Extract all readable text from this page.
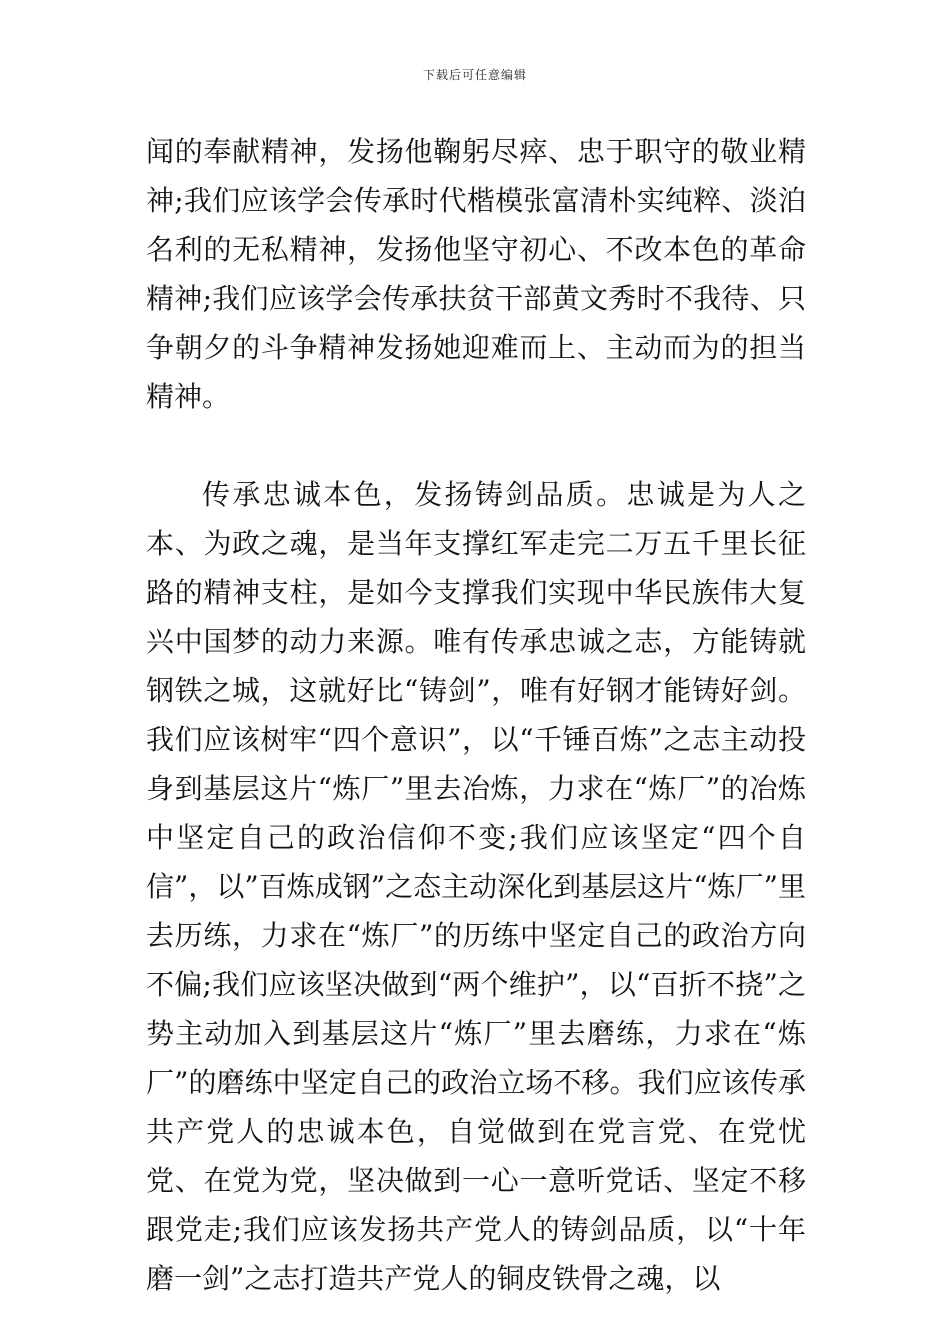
下载后可任意编辑

闻的奉献精神，发扬他鞠躬尽瘁、忠于职守的敬业精神;我们应该学会传承时代楷模张富清朴实纯粹、淡泊名利的无私精神，发扬他坚守初心、不改本色的革命精神;我们应该学会传承扶贫干部黄文秀时不我待、只争朝夕的斗争精神发扬她迎难而上、主动而为的担当精神。

传承忠诚本色，发扬铸剑品质。忠诚是为人之本、为政之魂，是当年支撑红军走完二万五千里长征路的精神支柱，是如今支撑我们实现中华民族伟大复兴中国梦的动力来源。唯有传承忠诚之志，方能铸就钢铁之城，这就好比“铸剑”，唯有好钢才能铸好剑。我们应该树牢“四个意识”，以“千锤百炼”之志主动投身到基层这片“炼厂”里去冶炼，力求在“炼厂”的冶炼中坚定自己的政治信仰不变;我们应该坚定“四个自信”，以”百炼成钢”之态主动深化到基层这片“炼厂”里去历练，力求在“炼厂”的历练中坚定自己的政治方向不偏;我们应该坚决做到“两个维护”，以“百折不挠”之势主动加入到基层这片“炼厂”里去磨练，力求在“炼厂”的磨练中坚定自己的政治立场不移。我们应该传承共产党人的忠诚本色，自觉做到在党言党、在党忧党、在党为党，坚决做到一心一意听党话、坚定不移跟党走;我们应该发扬共产党人的铸剑品质，以“十年磨一剑”之志打造共产党人的铜皮铁骨之魂，以
